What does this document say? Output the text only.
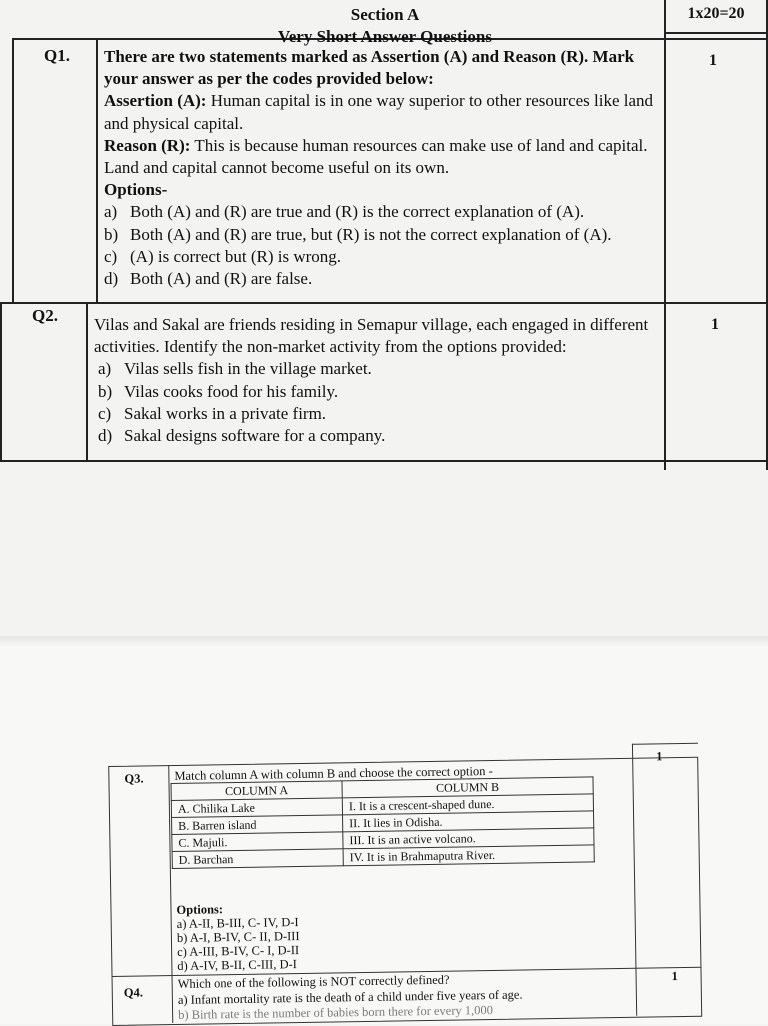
Section A
Very Short Answer Questions
1x20=20
Q1.	1

There are two statements marked as Assertion (A) and Reason (R). Mark your answer as per the codes provided below:

Assertion (A): Human capital is in one way superior to other resources like land and physical capital.

Reason (R): This is because human resources can make use of land and capital. Land and capital cannot become useful on its own.

Options-

a) Both (A) and (R) are true and (R) is the correct explanation of (A).
b) Both (A) and (R) are true, but (R) is not the correct explanation of (A).
c) (A) is correct but (R) is wrong.
d) Both (A) and (R) are false.
Q2.	1

Vilas and Sakal are friends residing in Semapur village, each engaged in different activities. Identify the non-market activity from the options provided:

a) Vilas sells fish in the village market.
b) Vilas cooks food for his family.
c) Sakal works in a private firm.
d) Sakal designs software for a company.
Q3.
1
Match column A with column B and choose the correct option -
COLUMN A	COLUMN B
A. Chilika Lake	I. It is a crescent-shaped dune.
B. Barren island	II. It lies in Odisha.
C. Majuli.	III. It is an active volcano.
D. Barchan	IV. It is in Brahmaputra River.
Options:
a) A-II, B-III, C- IV, D-I
b) A-I, B-IV, C- II, D-III
c) A-III, B-IV, C- I, D-II
d) A-IV, B-II, C-III, D-I
Q4.
1
Which one of the following is NOT correctly defined?
a) Infant mortality rate is the death of a child under five years of age.
b) Birth rate is the number of babies born there for every 1,000
